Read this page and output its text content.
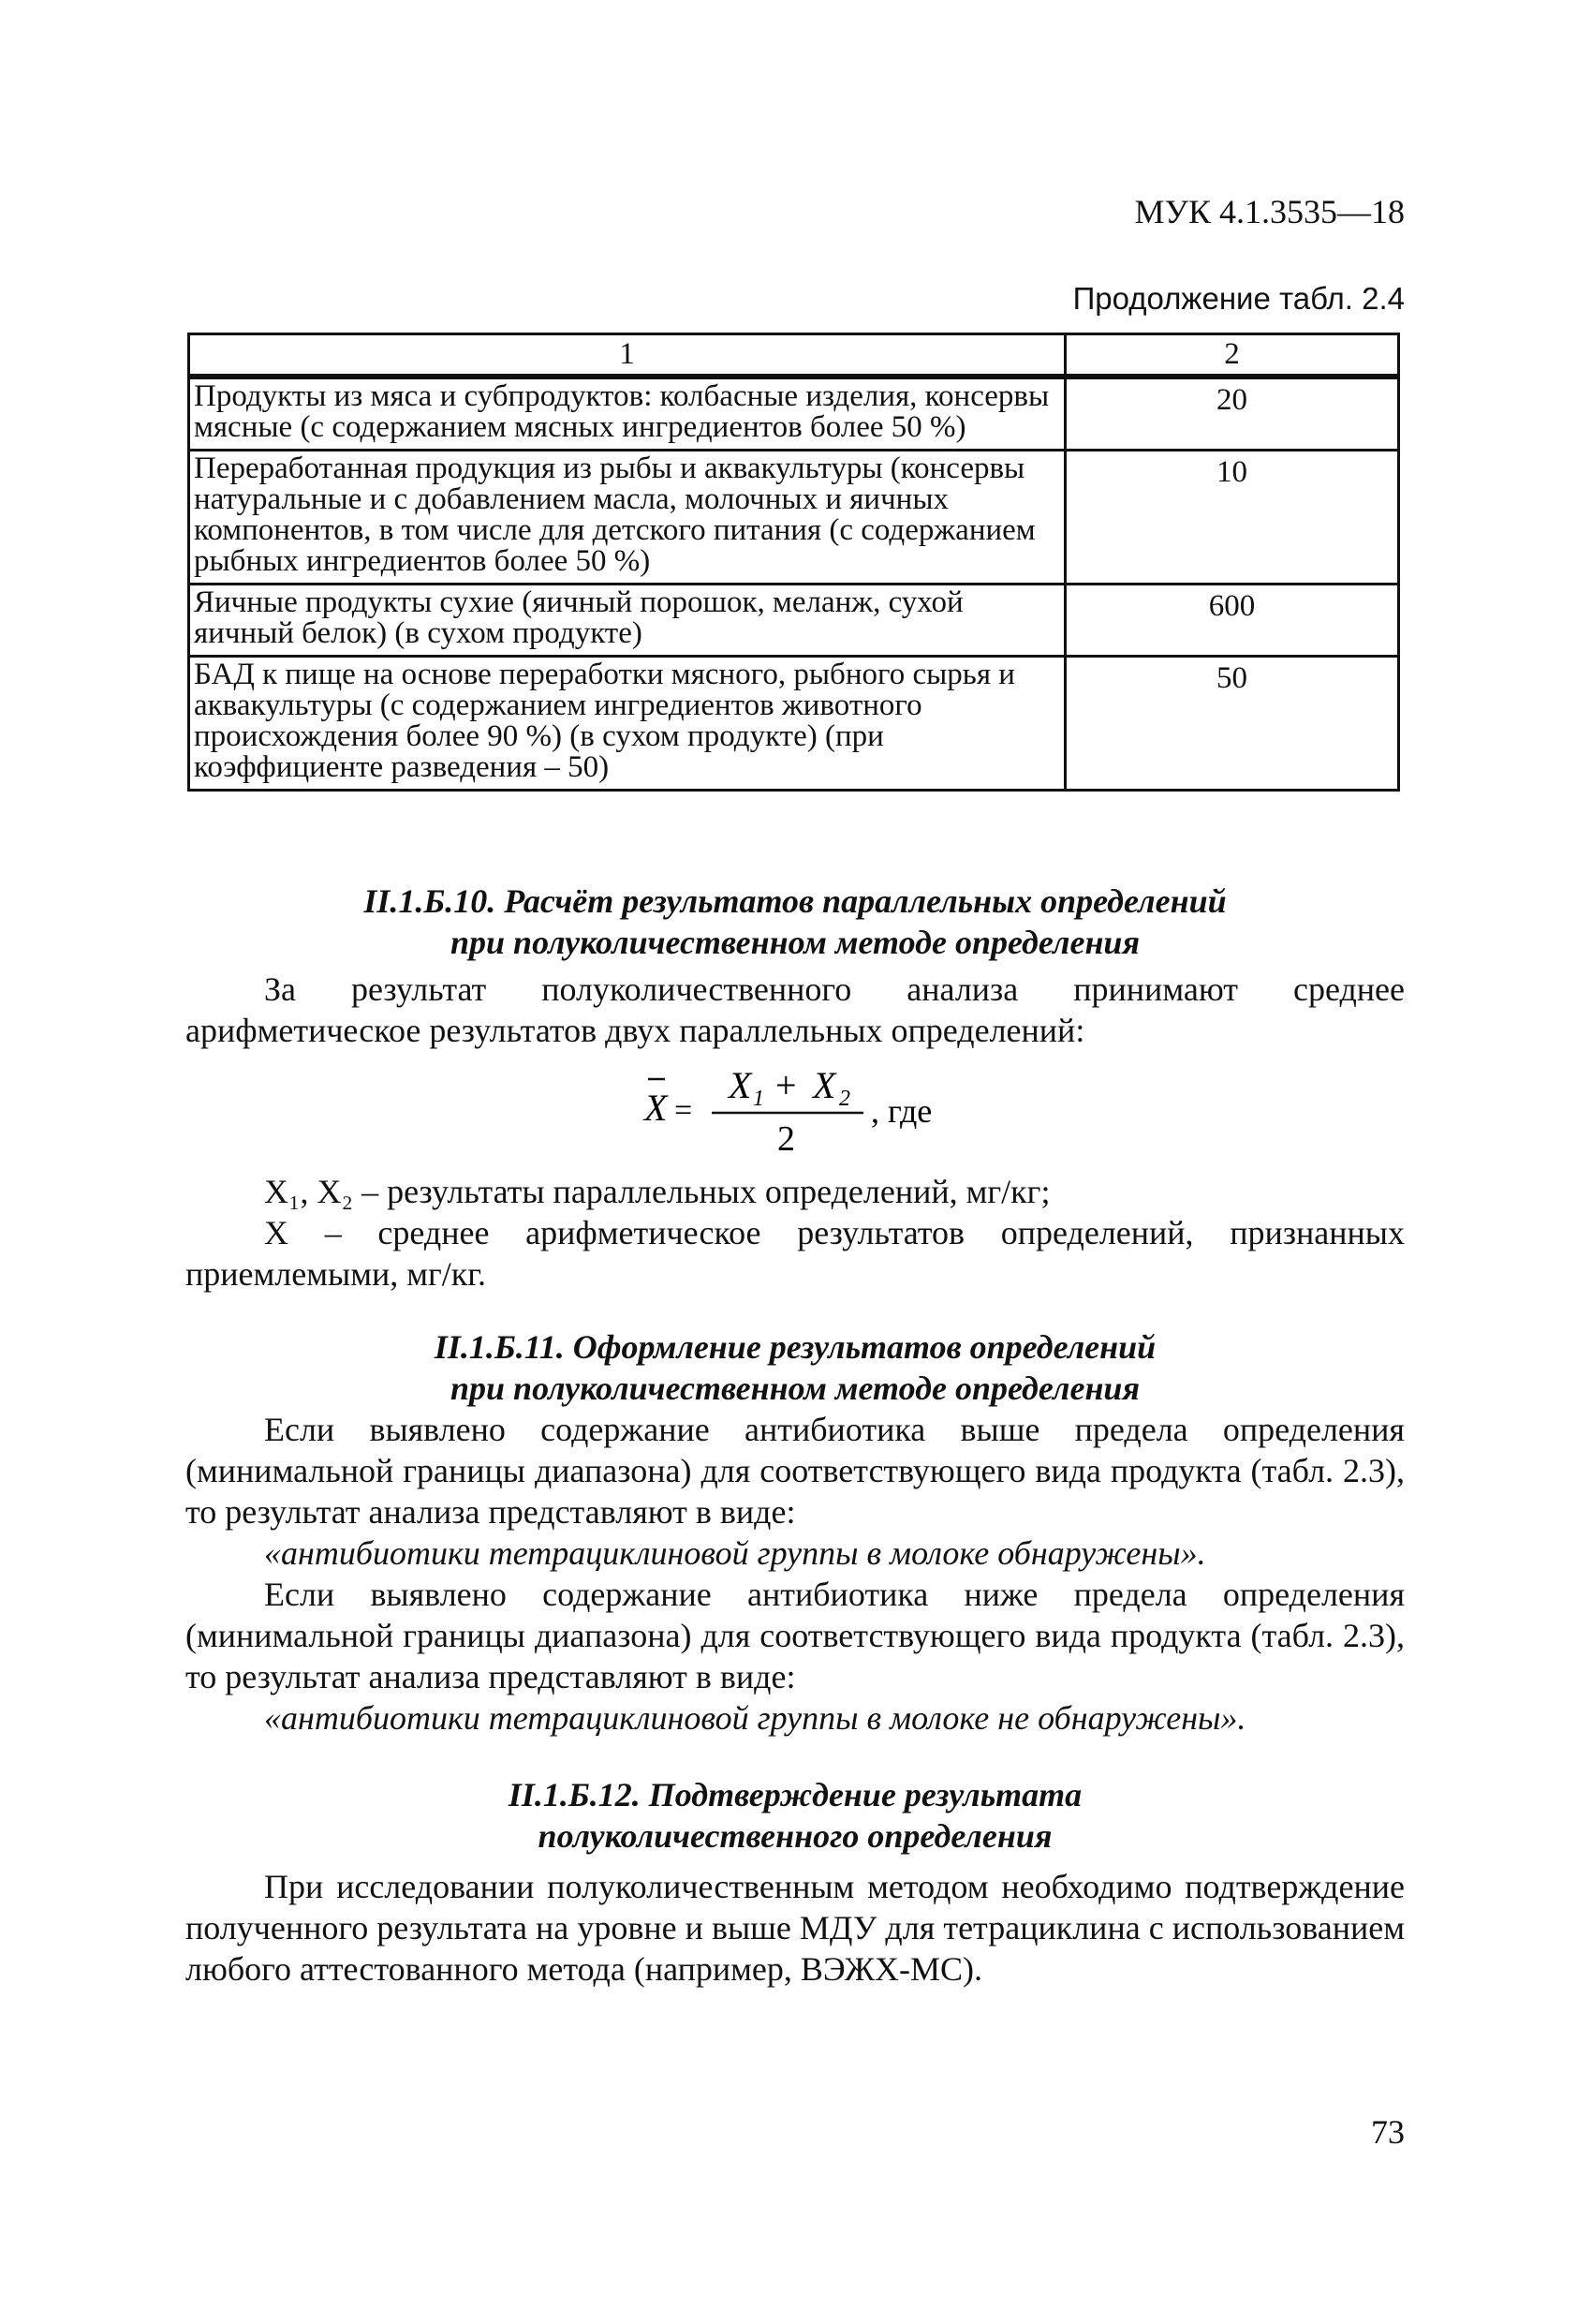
МУК 4.1.3535—18
Продолжение табл. 2.4
1	2
Продукты из мяса и субпродуктов: колбасные изделия, консервы мясные (с содержанием мясных ингредиентов более 50 %)	20
Переработанная продукция из рыбы и аквакультуры (консервы натуральные и с добавлением масла, молочных и яичных компонентов, в том числе для детского питания (с содержанием рыбных ингредиентов более 50 %)	10
Яичные продукты сухие (яичный порошок, меланж, сухой яичный белок) (в сухом продукте)	600
БАД к пище на основе переработки мясного, рыбного сырья и аквакультуры (с содержанием ингредиентов животного происхождения более 90 %) (в сухом продукте) (при коэффициенте разведения – 50)	50
II.1.Б.10. Расчёт результатов параллельных определений
при полуколичественном методе определения

За результат полуколичественного анализа принимают среднее арифметическое результатов двух параллельных определений:

X =
X 1 + X 2
2
, где

X₁, X₂ – результаты параллельных определений, мг/кг;

X – среднее арифметическое результатов определений, признанных приемлемыми, мг/кг.

II.1.Б.11. Оформление результатов определений
при полуколичественном методе определения

Если выявлено содержание антибиотика выше предела определения (минимальной границы диапазона) для соответствующего вида продукта (табл. 2.3), то результат анализа представляют в виде:

«антибиотики тетрациклиновой группы в молоке обнаружены».

Если выявлено содержание антибиотика ниже предела определения (минимальной границы диапазона) для соответствующего вида продукта (табл. 2.3), то результат анализа представляют в виде:

«антибиотики тетрациклиновой группы в молоке не обнаружены».

II.1.Б.12. Подтверждение результата
полуколичественного определения

При исследовании полуколичественным методом необходимо подтверждение полученного результата на уровне и выше МДУ для тетрациклина с использованием любого аттестованного метода (например, ВЭЖХ-МС).

73
